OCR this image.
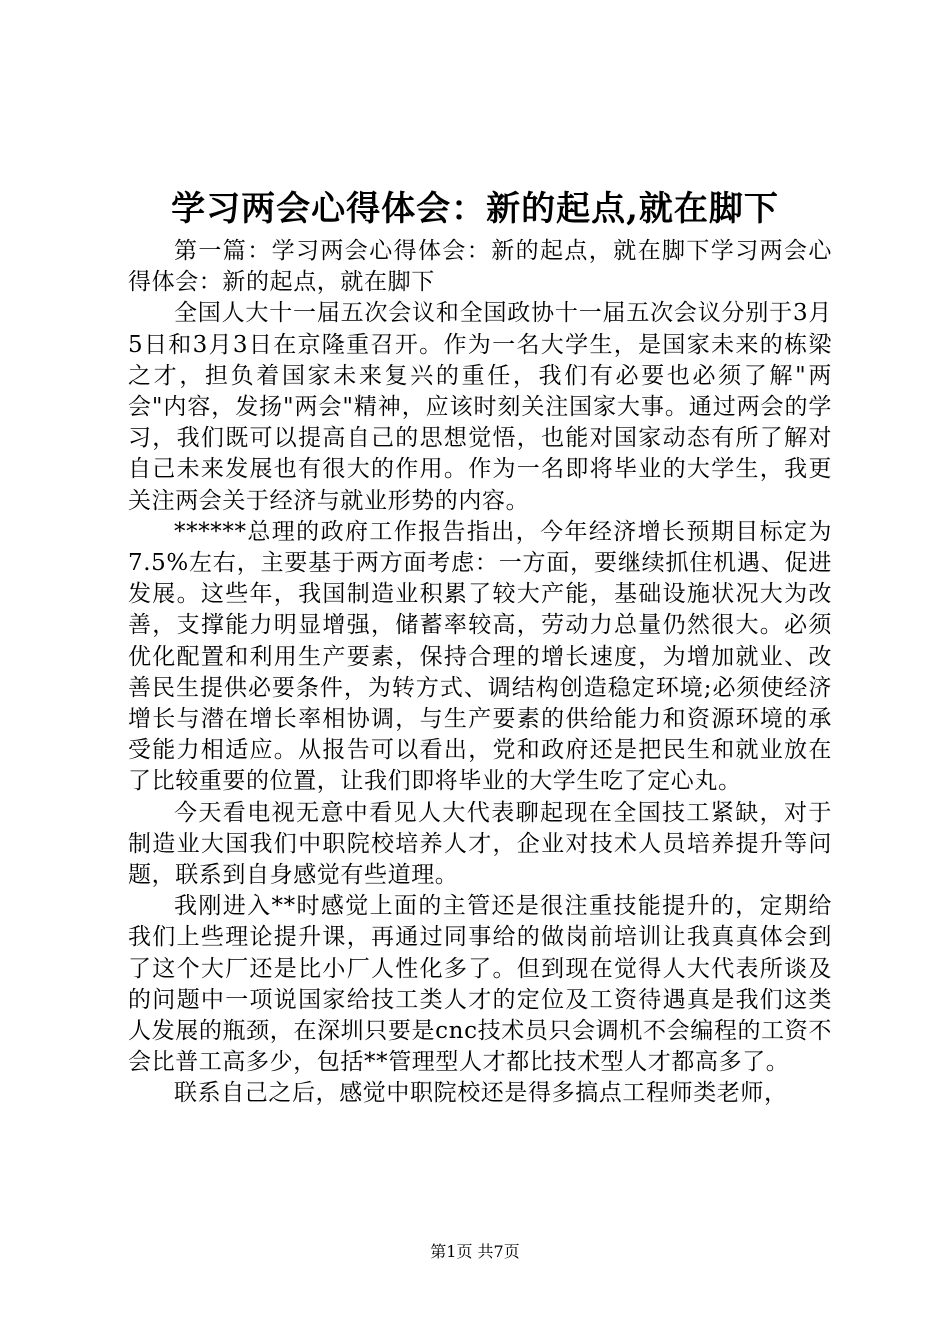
学习两会心得体会：新的起点,就在脚下

第一篇：学习两会心得体会：新的起点，就在脚下学习两会心得体会：新的起点，就在脚下

全国人大十一届五次会议和全国政协十一届五次会议分别于3月5日和3月3日在京隆重召开。作为一名大学生，是国家未来的栋梁之才，担负着国家未来复兴的重任，我们有必要也必须了解"两会"内容，发扬"两会"精神，应该时刻关注国家大事。通过两会的学习，我们既可以提高自己的思想觉悟，也能对国家动态有所了解对自己未来发展也有很大的作用。作为一名即将毕业的大学生，我更关注两会关于经济与就业形势的内容。

******总理的政府工作报告指出，今年经济增长预期目标定为7.5%左右，主要基于两方面考虑：一方面，要继续抓住机遇、促进发展。这些年，我国制造业积累了较大产能，基础设施状况大为改善，支撑能力明显增强，储蓄率较高，劳动力总量仍然很大。必须优化配置和利用生产要素，保持合理的增长速度，为增加就业、改善民生提供必要条件，为转方式、调结构创造稳定环境;必须使经济增长与潜在增长率相协调，与生产要素的供给能力和资源环境的承受能力相适应。从报告可以看出，党和政府还是把民生和就业放在了比较重要的位置，让我们即将毕业的大学生吃了定心丸。

今天看电视无意中看见人大代表聊起现在全国技工紧缺，对于制造业大国我们中职院校培养人才，企业对技术人员培养提升等问题，联系到自身感觉有些道理。

我刚进入**时感觉上面的主管还是很注重技能提升的，定期给我们上些理论提升课，再通过同事给的做岗前培训让我真真体会到了这个大厂还是比小厂人性化多了。但到现在觉得人大代表所谈及的问题中一项说国家给技工类人才的定位及工资待遇真是我们这类人发展的瓶颈，在深圳只要是cnc技术员只会调机不会编程的工资不会比普工高多少，包括**管理型人才都比技术型人才都高多了。

联系自己之后，感觉中职院校还是得多搞点工程师类老师，

第1页 共7页
